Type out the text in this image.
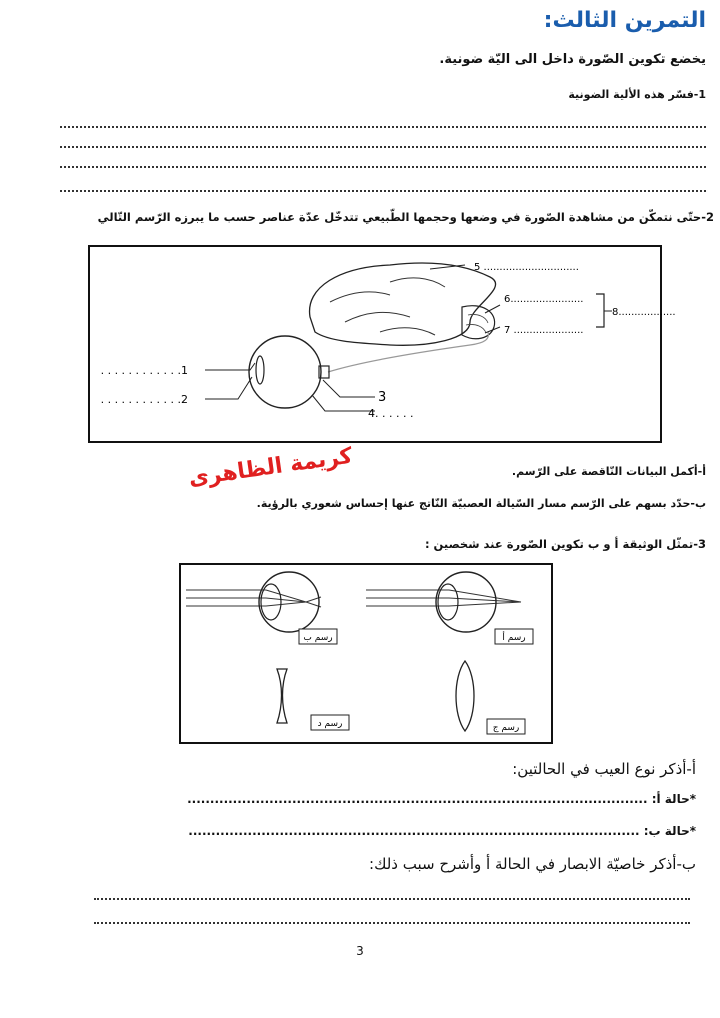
التمرين الثالث:
يخضع تكوين الصّورة داخل الى اليّة ضونية.
1-فسّر هذه الألية الضونية
2-حتّى نتمكّن من مشاهدة الصّورة في وضعها وحجمها الطّبيعي تتدخّل عدّة عناصر حسب ما يبرزه الرّسم التّالي
. . . . . . . . . . . .1
. . . . . . . . . . . .2	3
4. . . . . .
5 ..............................
6.......................
7 ......................
8..................
أ-أكمل البيانات النّاقصة على الرّسم.
كريمة الظاهرى
ب-حدّد بسهم على الرّسم مسار السّيالة العصبيّة النّاتج عنها إحساس شعوري بالرؤية.
3-تمثّل الوثيقة أ و ب تكوين الصّورة عند شخصين :
رسم ب	رسم أ
رسم د	رسم ج
أ-أذكر نوع العيب في الحالتين:
*حالة أ: .....................................................................................................
*حالة ب: ...................................................................................................
ب-أذكر خاصيّة الابصار في الحالة أ وأشرح سبب ذلك:
3
